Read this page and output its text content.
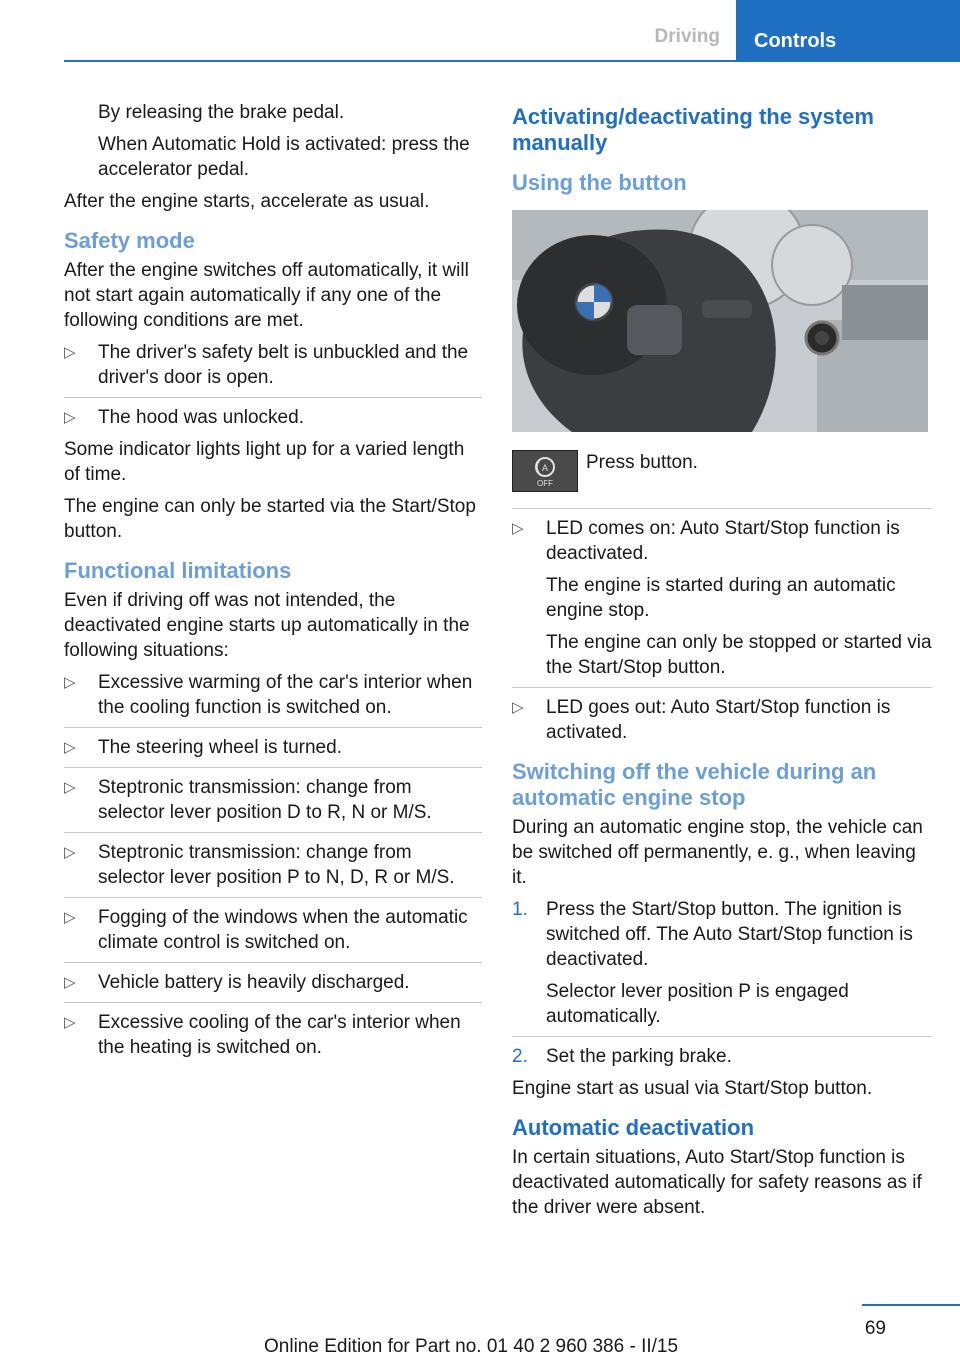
Driving	Controls

By releasing the brake pedal.

When Automatic Hold is activated: press the accelerator pedal.

After the engine starts, accelerate as usual.

Safety mode

After the engine switches off automatically, it will not start again automatically if any one of the following conditions are met.

▷	The driver's safety belt is unbuckled and the driver's door is open.
▷	The hood was unlocked.

Some indicator lights light up for a varied length of time.

The engine can only be started via the Start/Stop button.

Functional limitations

Even if driving off was not intended, the deactivated engine starts up automatically in the following situations:

▷	Excessive warming of the car's interior when the cooling function is switched on.
▷	The steering wheel is turned.
▷	Steptronic transmission: change from selector lever position D to R, N or M/S.
▷	Steptronic transmission: change from selector lever position P to N, D, R or M/S.
▷	Fogging of the windows when the automatic climate control is switched on.
▷	Vehicle battery is heavily discharged.
▷	Excessive cooling of the car's interior when the heating is switched on.
Activating/deactivating the system manually
Using the button
A
OFF
Press button.
▷	LED comes on: Auto Start/Stop function is deactivated.
The engine is started during an automatic engine stop.
The engine can only be stopped or started via the Start/Stop button.
▷	LED goes out: Auto Start/Stop function is activated.
Switching off the vehicle during an automatic engine stop

During an automatic engine stop, the vehicle can be switched off permanently, e. g., when leaving it.

1. Press the Start/Stop button. The ignition is switched off. The Auto Start/Stop function is deactivated.
Selector lever position P is engaged automatically.
2. Set the parking brake.

Engine start as usual via Start/Stop button.

Automatic deactivation

In certain situations, Auto Start/Stop function is deactivated automatically for safety reasons as if the driver were absent.

69
Online Edition for Part no. 01 40 2 960 386 - II/15
